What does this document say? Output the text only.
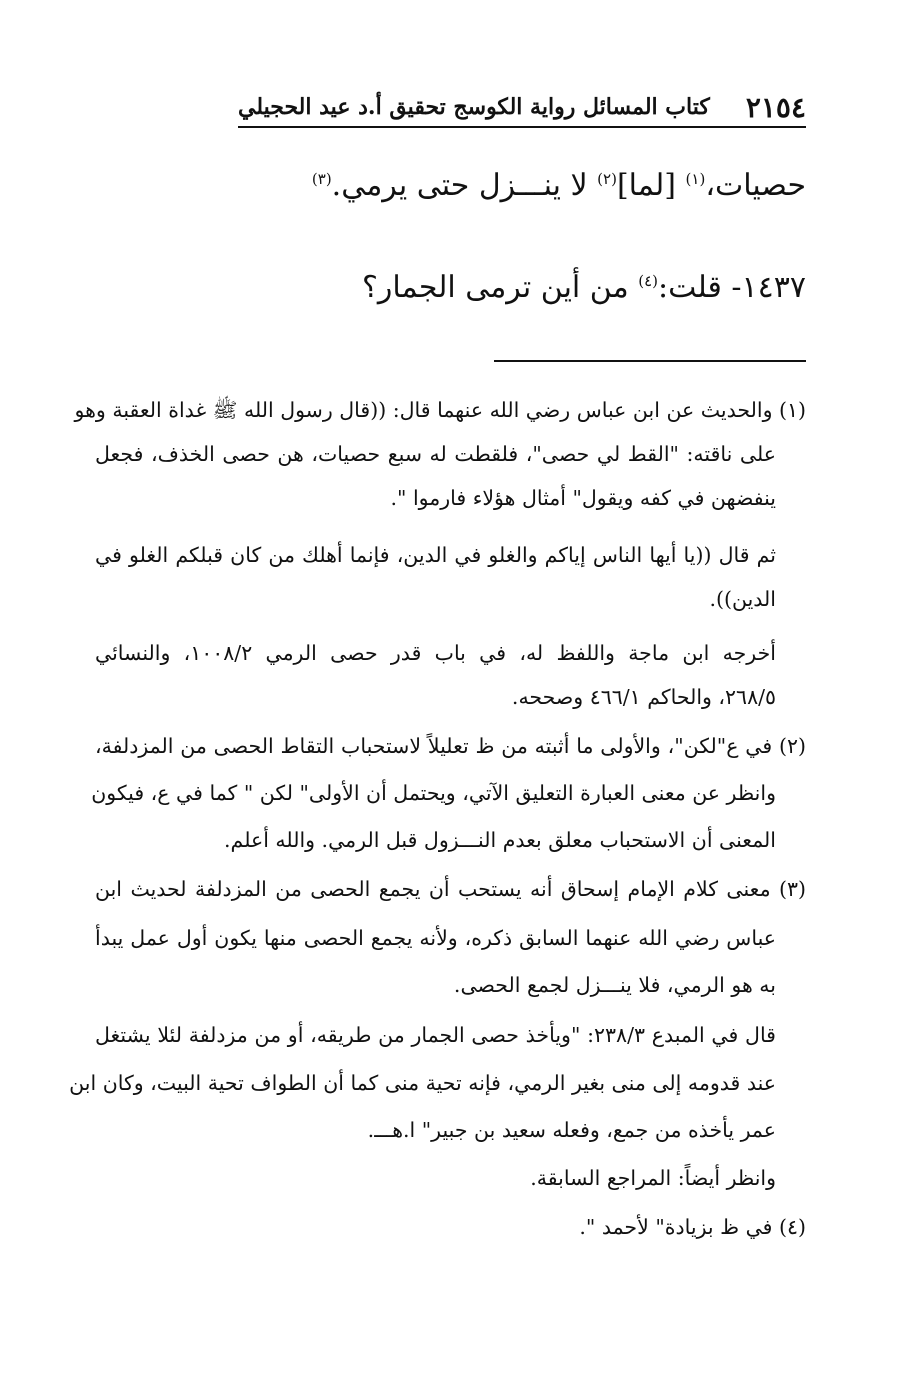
٢١٥٤
كتاب المسائل رواية الكوسج تحقيق أ.د عيد الحجيلي
حصيات،$^{(١)}$ [لما]$^{(٢)}$ لا ينـــزل حتى يرمي.$^{(٣)}$
١٤٣٧- قلت:$^{(٤)}$ من أين ترمى الجمار؟
(١) والحديث عن ابن عباس رضي الله عنهما قال: ((قال رسول الله ﷺ غداة العقبة وهو
على ناقته: "القط لي حصى"، فلقطت له سبع حصيات، هن حصى الخذف، فجعل
ينفضهن في كفه ويقول" أمثال هؤلاء فارموا ".
ثم قال ((يا أيها الناس إياكم والغلو في الدين، فإنما أهلك من كان قبلكم الغلو في
الدين)).
أخرجه ابن ماجة واللفظ له، في باب قدر حصى الرمي ١٠٠٨/٢، والنسائي
٢٦٨/٥، والحاكم ٤٦٦/١ وصححه.
(٢) في ع"لكن"، والأولى ما أثبته من ظ تعليلاً لاستحباب التقاط الحصى من المزدلفة،
وانظر عن معنى العبارة التعليق الآتي، ويحتمل أن الأولى" لكن " كما في ع، فيكون
المعنى أن الاستحباب معلق بعدم النـــزول قبل الرمي. والله أعلم.
(٣) معنى كلام الإمام إسحاق أنه يستحب أن يجمع الحصى من المزدلفة لحديث ابن
عباس رضي الله عنهما السابق ذكره، ولأنه يجمع الحصى منها يكون أول عمل يبدأ
به هو الرمي، فلا ينـــزل لجمع الحصى.
قال في المبدع ٢٣٨/٣: "ويأخذ حصى الجمار من طريقه، أو من مزدلفة لئلا يشتغل
عند قدومه إلى منى بغير الرمي، فإنه تحية منى كما أن الطواف تحية البيت، وكان ابن
عمر يأخذه من جمع، وفعله سعيد بن جبير" ا.هـــ.
وانظر أيضاً: المراجع السابقة.
(٤) في ظ بزيادة" لأحمد ".
